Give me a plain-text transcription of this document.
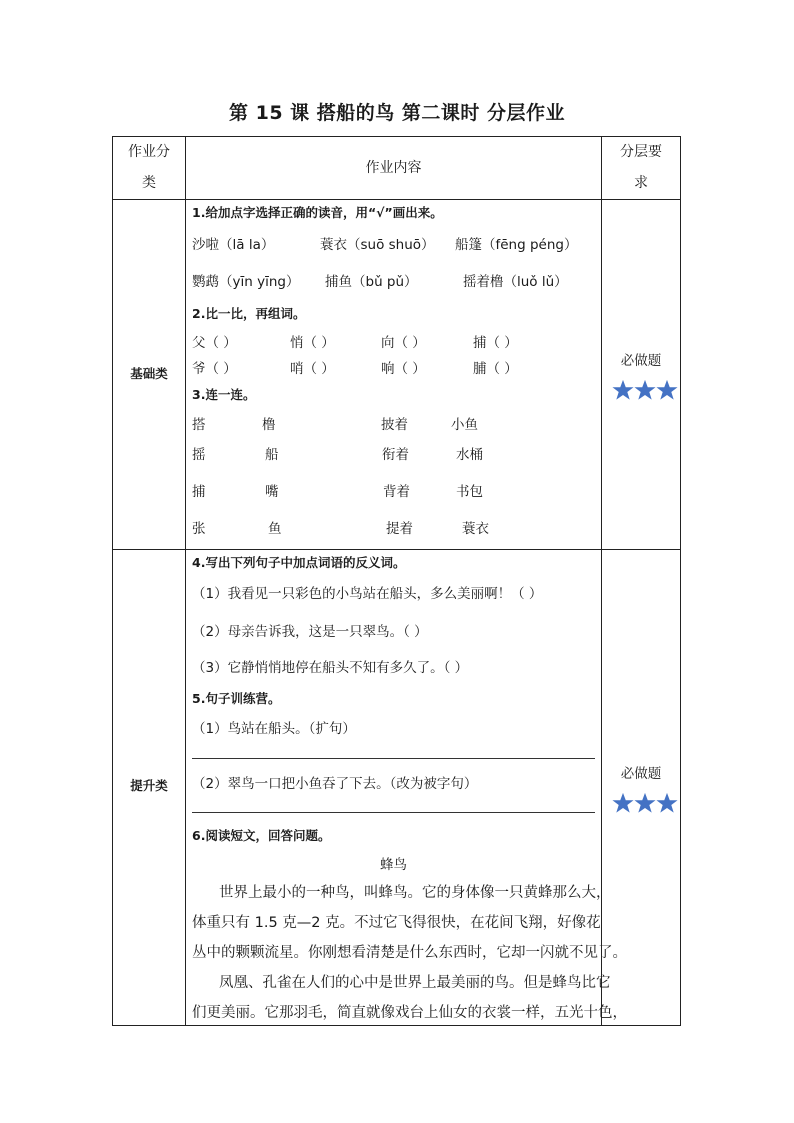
第 15 课 搭船的鸟 第二课时 分层作业
作业分
类
作业内容
分层要
求
基础类
必做题
1.给加点字选择正确的读音，用“√”画出来。
沙啦（lā la）	蓑衣（suō shuō） 船篷（fēng péng）
鹦鹉（yīn yīng） 捕鱼（bǔ pǔ）	摇着橹（luǒ lǔ）
2.比一比，再组词。
父（ ）	悄（ ）	向（ ）	捕（ ）
爷（ ）	哨（ ）	响（ ）	脯（ ）
3.连一连。
搭	橹	披着	小鱼
摇	船	衔着	水桶
捕	嘴	背着	书包
张	鱼	提着	蓑衣
提升类
必做题
4.写出下列句子中加点词语的反义词。
（1）我看见一只彩色的小鸟站在船头，多么美丽啊！（ ）
（2）母亲告诉我，这是一只翠鸟。（ ）
（3）它静悄悄地停在船头不知有多久了。（ ）
5.句子训练营。
（1）鸟站在船头。（扩句）
（2）翠鸟一口把小鱼吞了下去。（改为被字句）
6.阅读短文，回答问题。
蜂鸟
世界上最小的一种鸟，叫蜂鸟。它的身体像一只黄蜂那么大，
体重只有 1.5 克—2 克。不过它飞得很快，在花间飞翔，好像花
丛中的颗颗流星。你刚想看清楚是什么东西时，它却一闪就不见了。
凤凰、孔雀在人们的心中是世界上最美丽的鸟。但是蜂鸟比它
们更美丽。它那羽毛，简直就像戏台上仙女的衣裳一样，五光十色，
